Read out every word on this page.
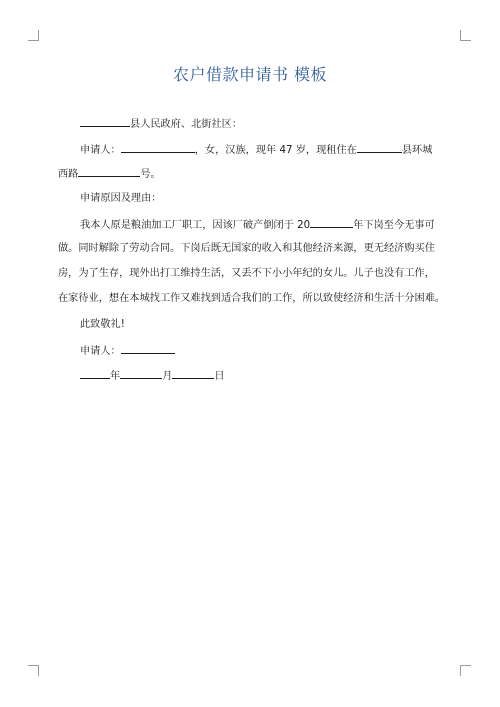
农户借款申请书 模板
县人民政府、北街社区：
申请人：	，女，汉族，现年 47 岁，现租住在	县环城
西路	号。
申请原因及理由：
我本人原是粮油加工厂职工，因该厂破产倒闭于 20	年下岗至今无事可
做。同时解除了劳动合同。下岗后既无国家的收入和其他经济来源，更无经济购买住
房，为了生存，现外出打工维持生活，又丢不下小小年纪的女儿。儿子也没有工作，
在家待业，想在本城找工作又难找到适合我们的工作，所以致使经济和生活十分困难。
此致敬礼!
申请人：
年	月	日
